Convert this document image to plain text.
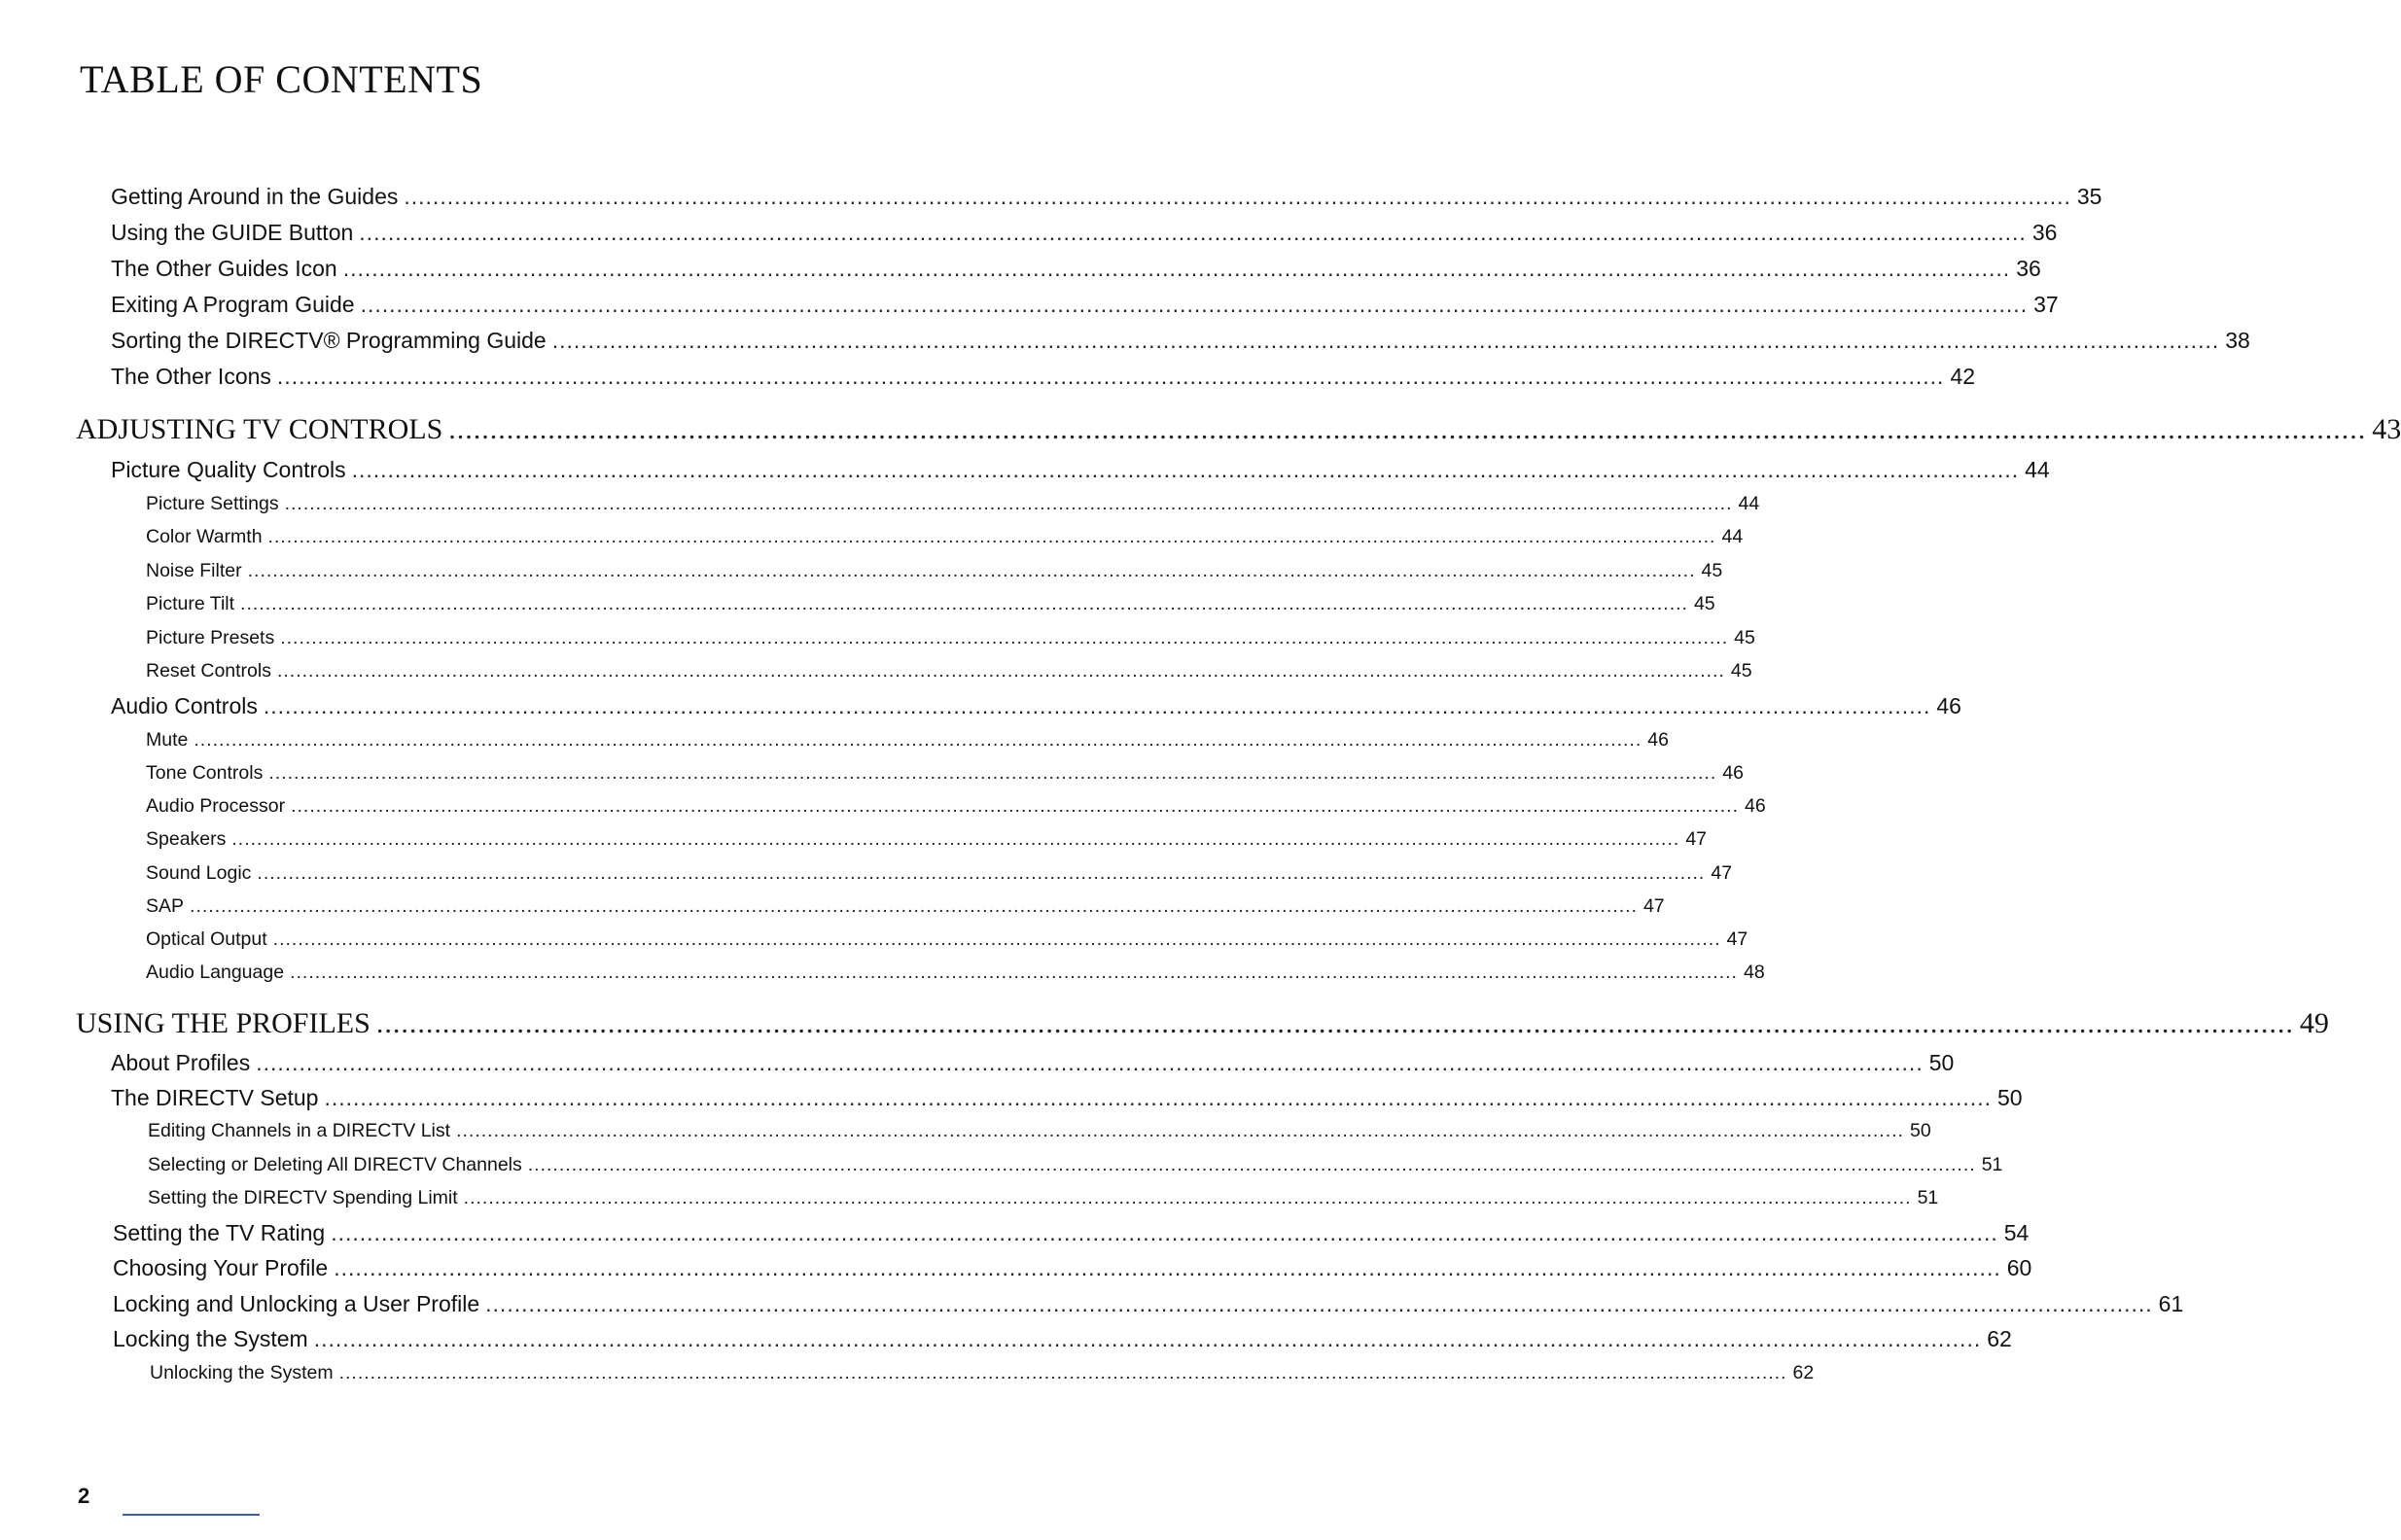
TABLE OF CONTENTS
Getting Around in the Guides ........................................................................................................................................................................................................................................ 35
Using the GUIDE Button ........................................................................................................................................................................................................................................ 36
The Other Guides Icon ........................................................................................................................................................................................................................................ 36
Exiting A Program Guide ........................................................................................................................................................................................................................................ 37
Sorting the DIRECTV® Programming Guide ........................................................................................................................................................................................................................................ 38
The Other Icons ........................................................................................................................................................................................................................................ 42
ADJUSTING TV CONTROLS ........................................................................................................................................................................................................................................ 43
Picture Quality Controls ........................................................................................................................................................................................................................................ 44
Picture Settings ........................................................................................................................................................................................................................................ 44
Color Warmth ........................................................................................................................................................................................................................................ 44
Noise Filter ........................................................................................................................................................................................................................................ 45
Picture Tilt ........................................................................................................................................................................................................................................ 45
Picture Presets ........................................................................................................................................................................................................................................ 45
Reset Controls ........................................................................................................................................................................................................................................ 45
Audio Controls ........................................................................................................................................................................................................................................ 46
Mute ........................................................................................................................................................................................................................................ 46
Tone Controls ........................................................................................................................................................................................................................................ 46
Audio Processor ........................................................................................................................................................................................................................................ 46
Speakers ........................................................................................................................................................................................................................................ 47
Sound Logic ........................................................................................................................................................................................................................................ 47
SAP ........................................................................................................................................................................................................................................ 47
Optical Output ........................................................................................................................................................................................................................................ 47
Audio Language ........................................................................................................................................................................................................................................ 48
USING THE PROFILES ........................................................................................................................................................................................................................................ 49
About Profiles ........................................................................................................................................................................................................................................ 50
The DIRECTV Setup ........................................................................................................................................................................................................................................ 50
Editing Channels in a DIRECTV List ........................................................................................................................................................................................................................................ 50
Selecting or Deleting All DIRECTV Channels ........................................................................................................................................................................................................................................ 51
Setting the DIRECTV Spending Limit ........................................................................................................................................................................................................................................ 51
Setting the TV Rating ........................................................................................................................................................................................................................................ 54
Choosing Your Profile ........................................................................................................................................................................................................................................ 60
Locking and Unlocking a User Profile ........................................................................................................................................................................................................................................ 61
Locking the System ........................................................................................................................................................................................................................................ 62
Unlocking the System ........................................................................................................................................................................................................................................ 62
2
